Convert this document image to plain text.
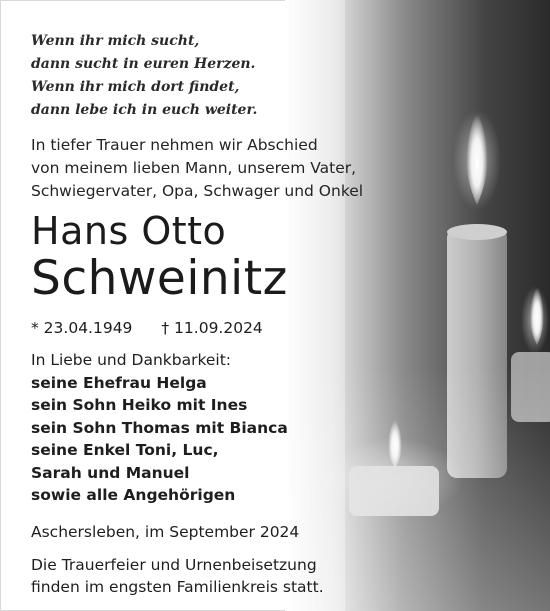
Wenn ihr mich sucht,
dann sucht in euren Herzen.
Wenn ihr mich dort findet,
dann lebe ich in euch weiter.
In tiefer Trauer nehmen wir Abschied
von meinem lieben Mann, unserem Vater,
Schwiegervater, Opa, Schwager und Onkel
Hans Otto
Schweinitz
* 23.04.1949 † 11.09.2024
In Liebe und Dankbarkeit:
seine Ehefrau Helga
sein Sohn Heiko mit Ines
sein Sohn Thomas mit Bianca
seine Enkel Toni, Luc,
Sarah und Manuel
sowie alle Angehörigen
Aschersleben, im September 2024
Die Trauerfeier und Urnenbeisetzung
finden im engsten Familienkreis statt.
